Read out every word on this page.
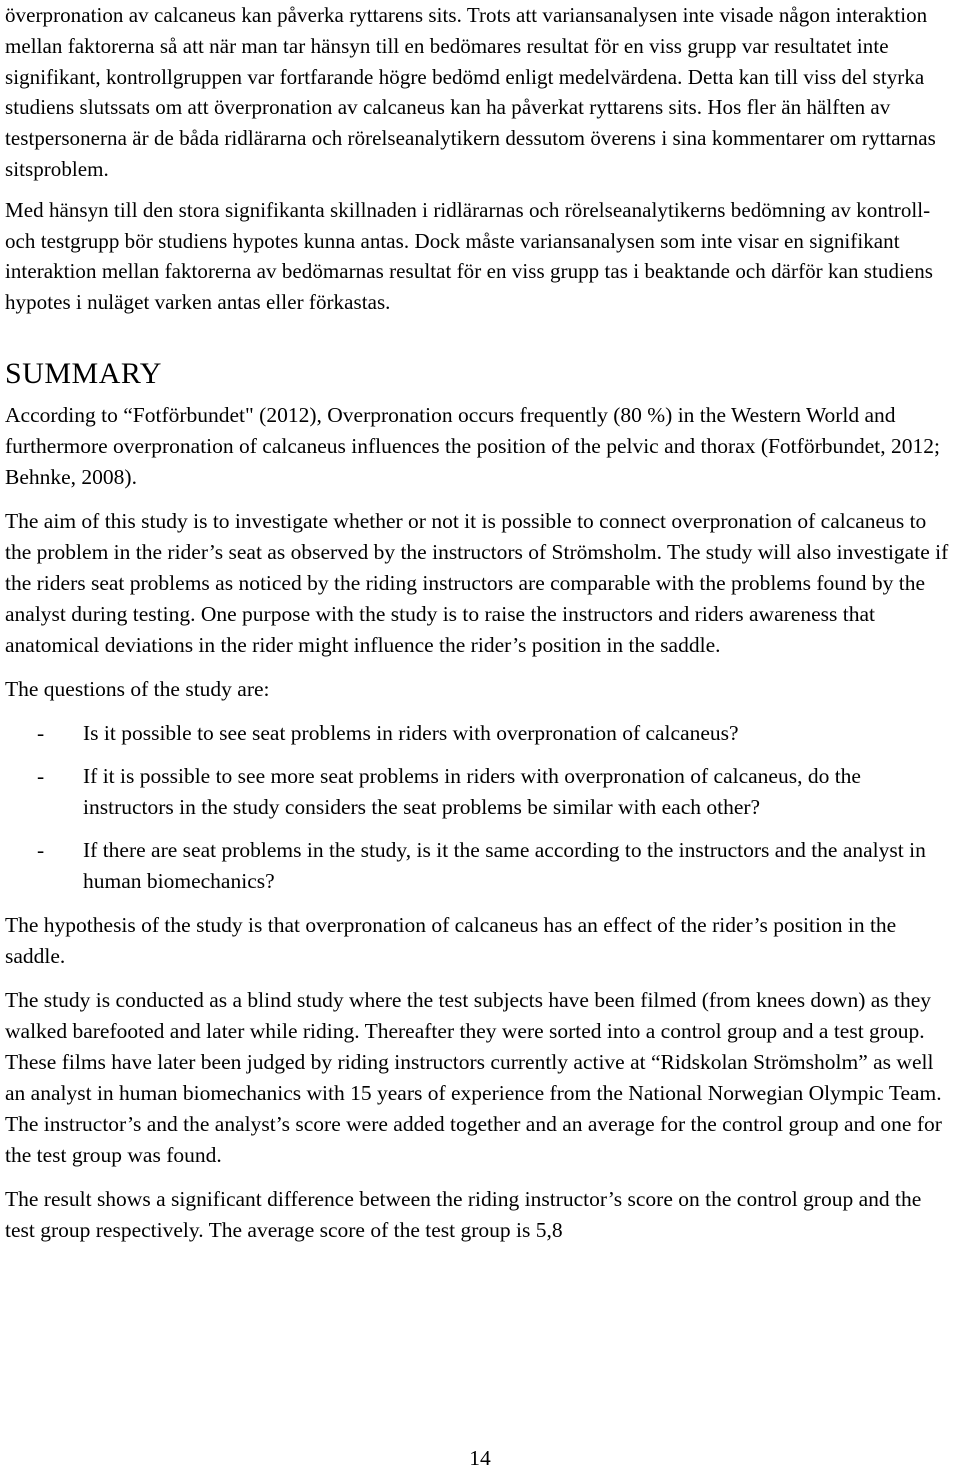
överpronation av calcaneus kan påverka ryttarens sits. Trots att variansanalysen inte visade någon interaktion mellan faktorerna så att när man tar hänsyn till en bedömares resultat för en viss grupp var resultatet inte signifikant, kontrollgruppen var fortfarande högre bedömd enligt medelvärdena. Detta kan till viss del styrka studiens slutssats om att överpronation av calcaneus kan ha påverkat ryttarens sits. Hos fler än hälften av testpersonerna är de båda ridlärarna och rörelseanalytikern dessutom överens i sina kommentarer om ryttarnas sitsproblem.

Med hänsyn till den stora signifikanta skillnaden i ridlärarnas och rörelseanalytikerns bedömning av kontroll- och testgrupp bör studiens hypotes kunna antas. Dock måste variansanalysen som inte visar en signifikant interaktion mellan faktorerna av bedömarnas resultat för en viss grupp tas i beaktande och därför kan studiens hypotes i nuläget varken antas eller förkastas.

SUMMARY

According to “Fotförbundet" (2012), Overpronation occurs frequently (80 %) in the Western World and furthermore overpronation of calcaneus influences the position of the pelvic and thorax (Fotförbundet, 2012; Behnke, 2008).

The aim of this study is to investigate whether or not it is possible to connect overpronation of calcaneus to the problem in the rider’s seat as observed by the instructors of Strömsholm. The study will also investigate if the riders seat problems as noticed by the riding instructors are comparable with the problems found by the analyst during testing. One purpose with the study is to raise the instructors and riders awareness that anatomical deviations in the rider might influence the rider’s position in the saddle.

The questions of the study are:

- Is it possible to see seat problems in riders with overpronation of calcaneus?
- If it is possible to see more seat problems in riders with overpronation of calcaneus, do the instructors in the study considers the seat problems be similar with each other?
- If there are seat problems in the study, is it the same according to the instructors and the analyst in human biomechanics?

The hypothesis of the study is that overpronation of calcaneus has an effect of the rider’s position in the saddle.

The study is conducted as a blind study where the test subjects have been filmed (from knees down) as they walked barefooted and later while riding. Thereafter they were sorted into a control group and a test group. These films have later been judged by riding instructors currently active at “Ridskolan Strömsholm” as well an analyst in human biomechanics with 15 years of experience from the National Norwegian Olympic Team. The instructor’s and the analyst’s score were added together and an average for the control group and one for the test group was found.

The result shows a significant difference between the riding instructor’s score on the control group and the test group respectively. The average score of the test group is 5,8

14
